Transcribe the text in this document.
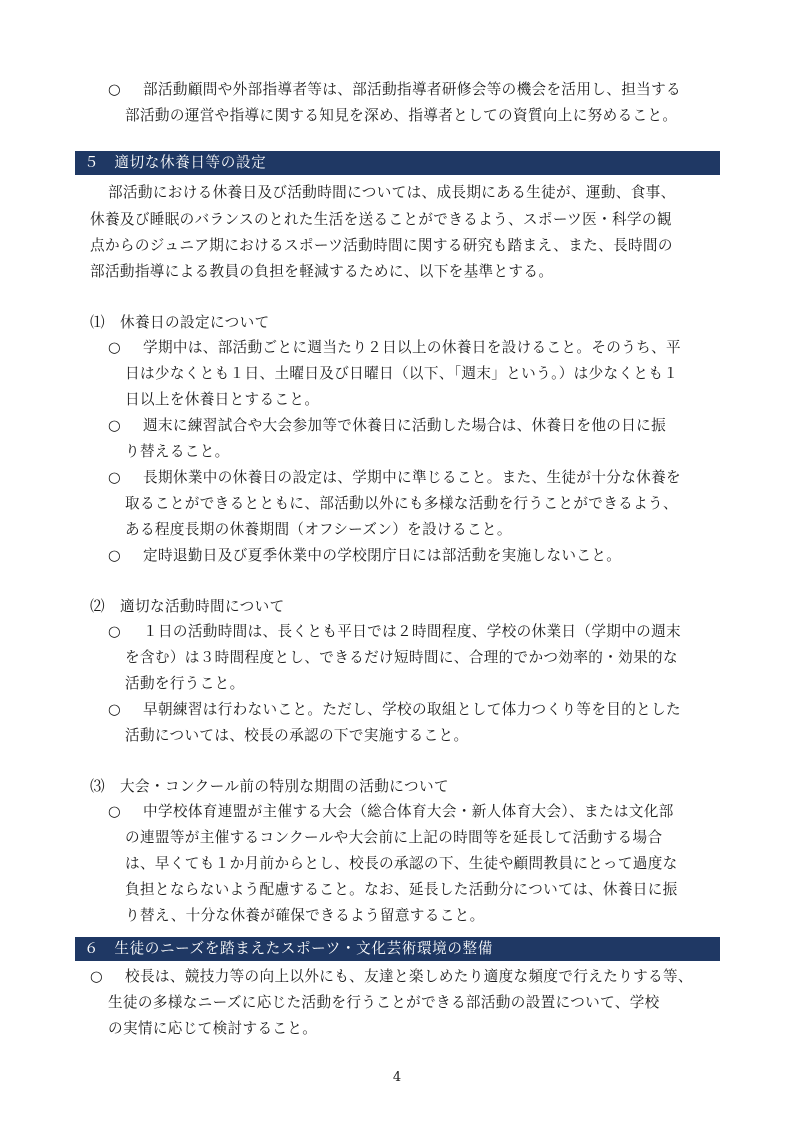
○ 部活動顧問や外部指導者等は、部活動指導者研修会等の機会を活用し、担当する
部活動の運営や指導に関する知見を深め、指導者としての資質向上に努めること。
５　適切な休養日等の設定
部活動における休養日及び活動時間については、成長期にある生徒が、運動、食事、
休養及び睡眠のバランスのとれた生活を送ることができるよう、スポーツ医・科学の観
点からのジュニア期におけるスポーツ活動時間に関する研究も踏まえ、また、長時間の
部活動指導による教員の負担を軽減するために、以下を基準とする。
⑴　休養日の設定について
○ 学期中は、部活動ごとに週当たり２日以上の休養日を設けること。そのうち、平
日は少なくとも１日、土曜日及び日曜日（以下、「週末」という。）は少なくとも１
日以上を休養日とすること。
○ 週末に練習試合や大会参加等で休養日に活動した場合は、休養日を他の日に振
り替えること。
○ 長期休業中の休養日の設定は、学期中に準じること。また、生徒が十分な休養を
取ることができるとともに、部活動以外にも多様な活動を行うことができるよう、
ある程度長期の休養期間（オフシーズン）を設けること。
○ 定時退勤日及び夏季休業中の学校閉庁日には部活動を実施しないこと。
⑵　適切な活動時間について
○ １日の活動時間は、長くとも平日では２時間程度、学校の休業日（学期中の週末
を含む）は３時間程度とし、できるだけ短時間に、合理的でかつ効率的・効果的な
活動を行うこと。
○ 早朝練習は行わないこと。ただし、学校の取組として体力つくり等を目的とした
活動については、校長の承認の下で実施すること。
⑶　大会・コンクール前の特別な期間の活動について
○ 中学校体育連盟が主催する大会（総合体育大会・新人体育大会）、または文化部
の連盟等が主催するコンクールや大会前に上記の時間等を延長して活動する場合
は、早くても１か月前からとし、校長の承認の下、生徒や顧問教員にとって過度な
負担とならないよう配慮すること。なお、延長した活動分については、休養日に振
り替え、十分な休養が確保できるよう留意すること。
６　生徒のニーズを踏まえたスポーツ・文化芸術環境の整備
○ 校長は、競技力等の向上以外にも、友達と楽しめたり適度な頻度で行えたりする等、
生徒の多様なニーズに応じた活動を行うことができる部活動の設置について、学校
の実情に応じて検討すること。
4
